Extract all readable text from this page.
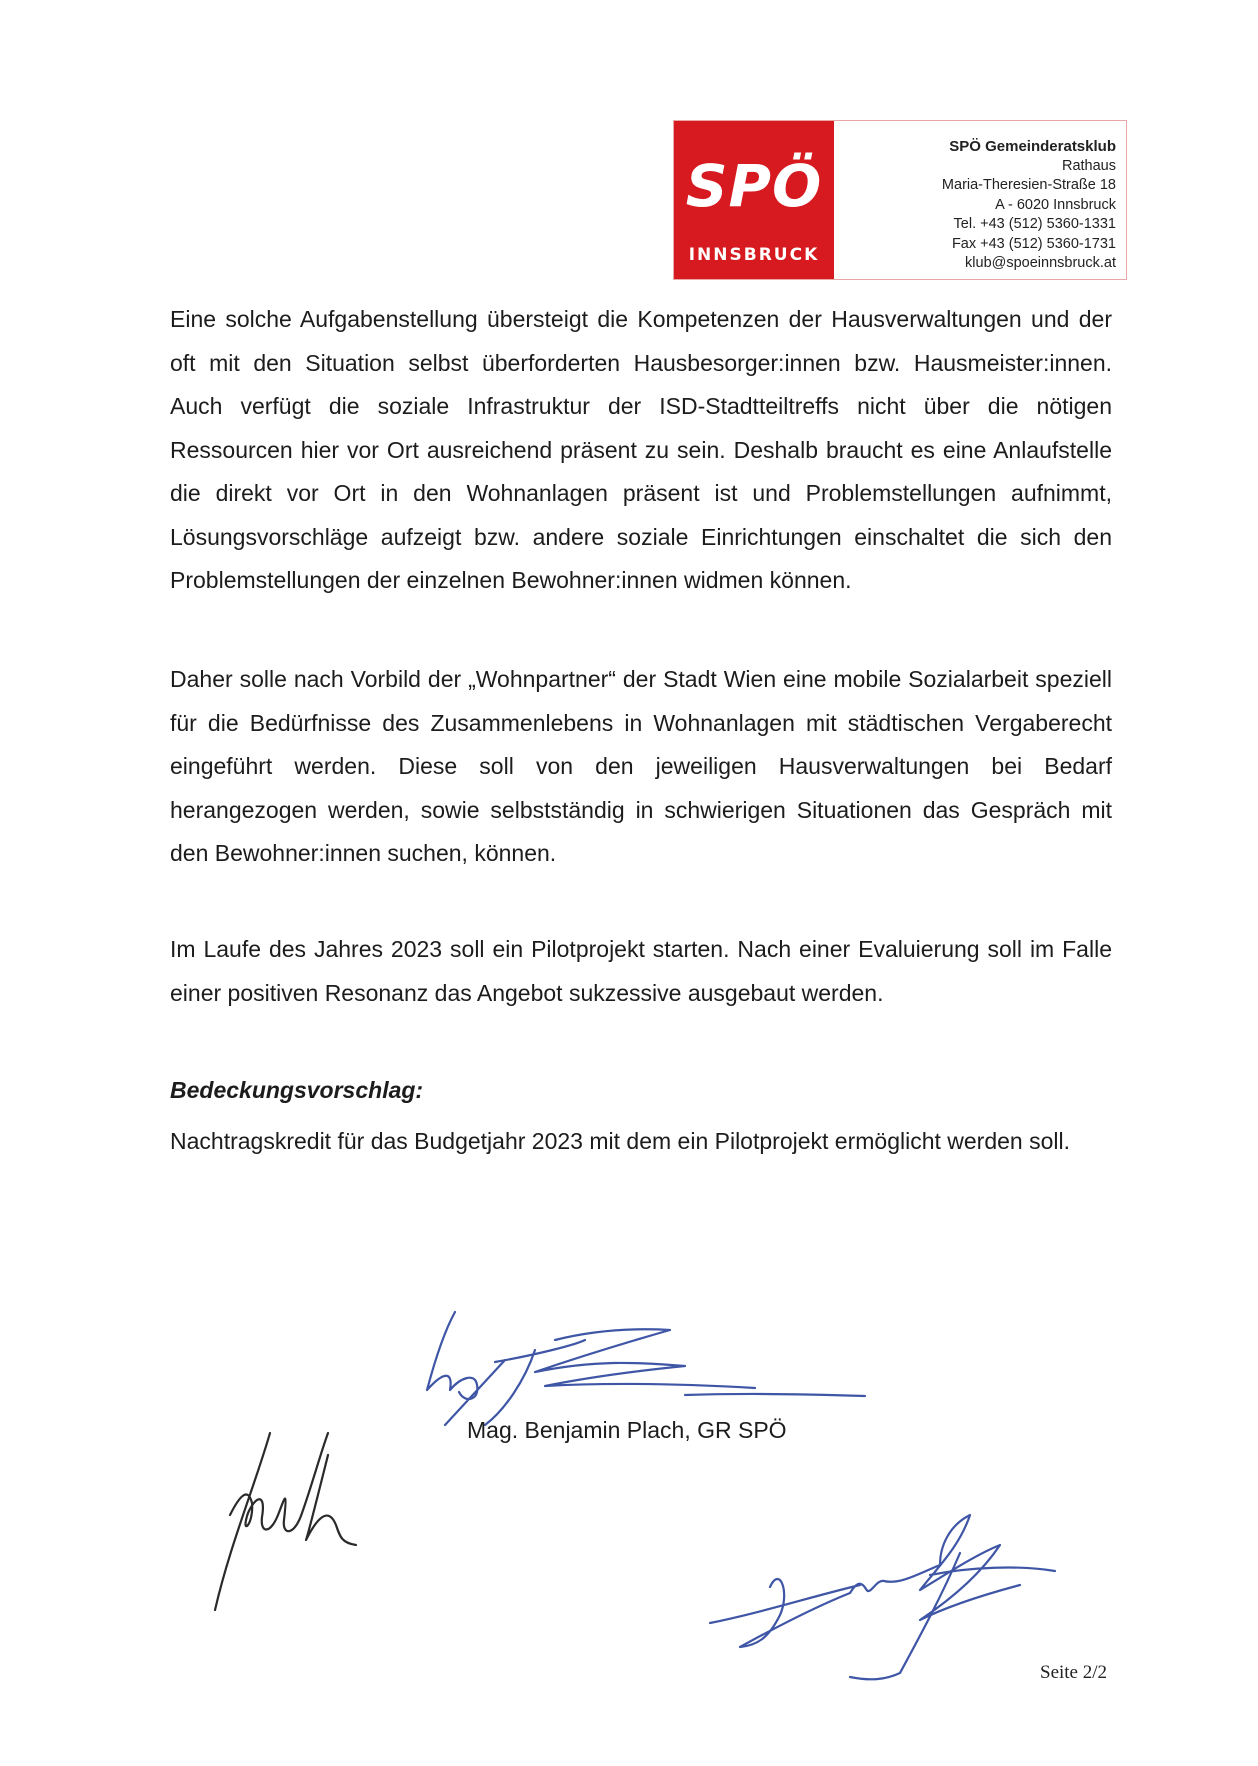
SPÖ
INNSBRUCK
SPÖ Gemeinderatsklub
Rathaus
Maria-Theresien-Straße 18
A - 6020 Innsbruck
Tel. +43 (512) 5360-1331
Fax +43 (512) 5360-1731
klub@spoeinnsbruck.at
Eine solche Aufgabenstellung übersteigt die Kompetenzen der Hausverwaltungen und der oft mit den Situation selbst überforderten Hausbesorger:innen bzw. Hausmeister:innen. Auch verfügt die soziale Infrastruktur der ISD-Stadtteiltreffs nicht über die nötigen Ressourcen hier vor Ort ausreichend präsent zu sein. Deshalb braucht es eine Anlaufstelle die direkt vor Ort in den Wohnanlagen präsent ist und Problemstellungen aufnimmt, Lösungsvorschläge aufzeigt bzw. andere soziale Einrichtungen einschaltet die sich den Problemstellungen der einzelnen Bewohner:innen widmen können.
Daher solle nach Vorbild der „Wohnpartner“ der Stadt Wien eine mobile Sozialarbeit speziell für die Bedürfnisse des Zusammenlebens in Wohnanlagen mit städtischen Vergaberecht eingeführt werden. Diese soll von den jeweiligen Hausverwaltungen bei Bedarf herangezogen werden, sowie selbstständig in schwierigen Situationen das Gespräch mit den Bewohner:innen suchen, können.
Im Laufe des Jahres 2023 soll ein Pilotprojekt starten. Nach einer Evaluierung soll im Falle einer positiven Resonanz das Angebot sukzessive ausgebaut werden.
Bedeckungsvorschlag:
Nachtragskredit für das Budgetjahr 2023 mit dem ein Pilotprojekt ermöglicht werden soll.
Mag. Benjamin Plach, GR SPÖ
Seite 2/2
